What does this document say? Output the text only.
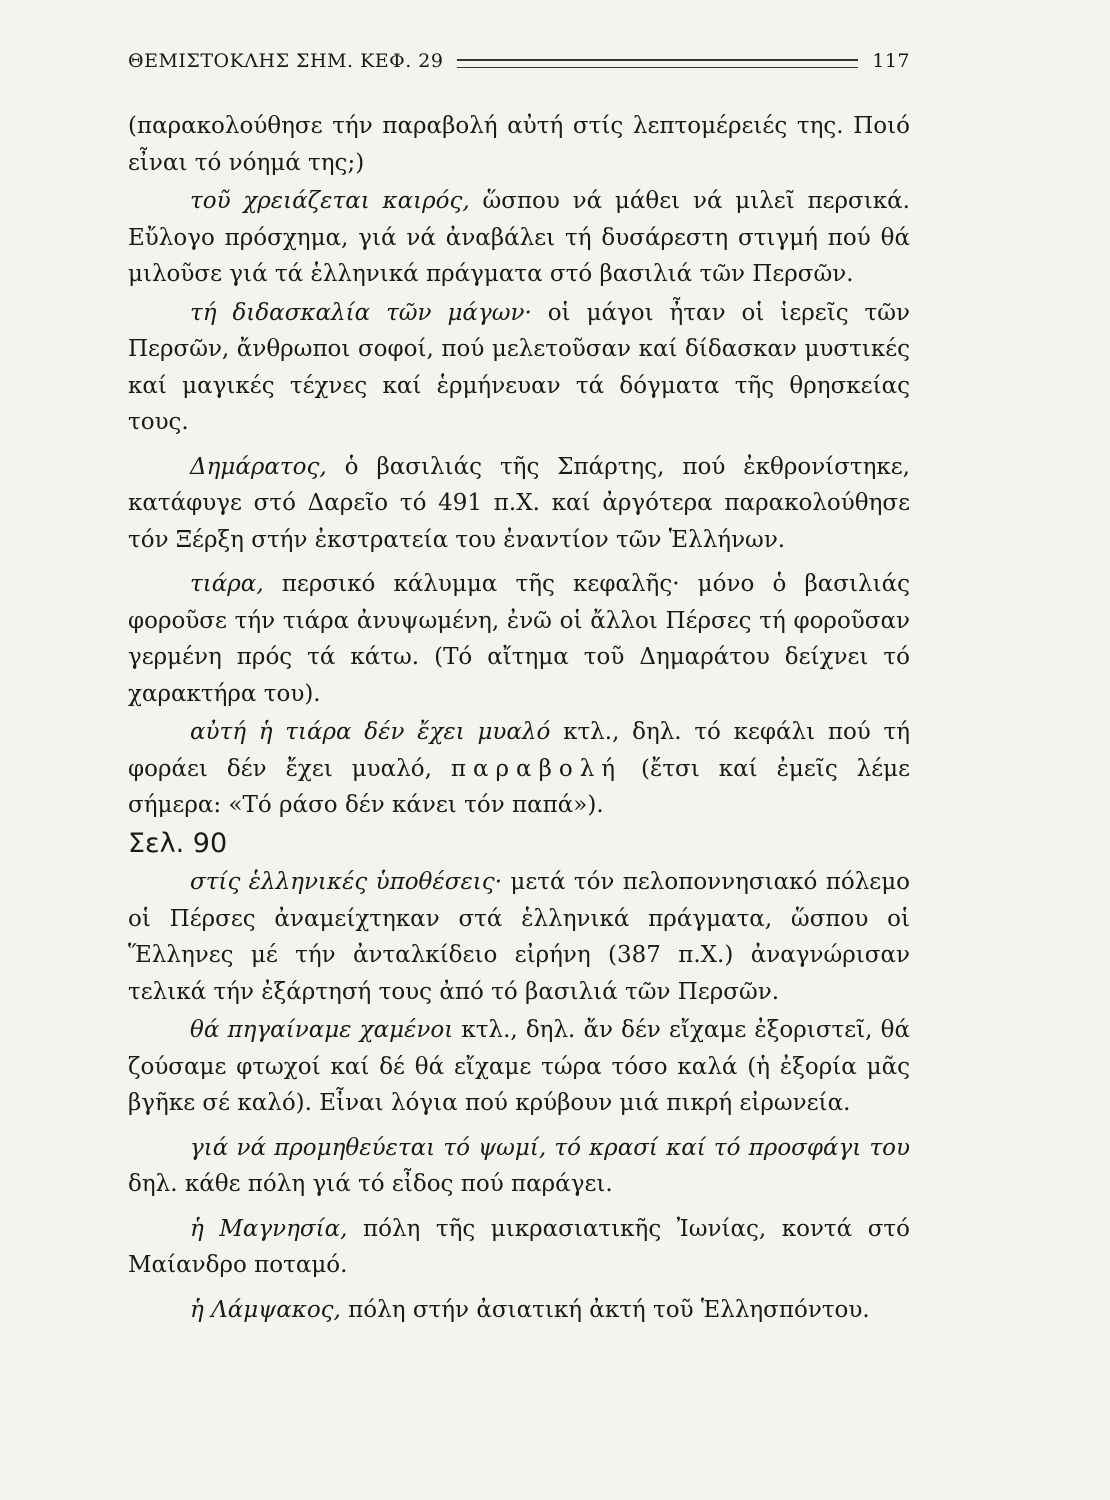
ΘΕΜΙΣΤΟΚΛΗΣ ΣΗΜ. ΚΕΦ. 29	117

(παρακολούθησε τήν παραβολή αὐτή στίς λεπτομέρειές της. Ποιό εἶναι τό νόημά της;)

τοῦ χρειάζεται καιρός, ὥσπου νά μάθει νά μιλεῖ περσικά. Εὔλογο πρόσχημα, γιά νά ἀναβάλει τή δυσάρεστη στιγμή πού θά μιλοῦσε γιά τά ἑλληνικά πράγματα στό βασιλιά τῶν Περσῶν.

τή διδασκαλία τῶν μάγων· οἱ μάγοι ἦταν οἱ ἱερεῖς τῶν Περσῶν, ἄνθρωποι σοφοί, πού μελετοῦσαν καί δίδασκαν μυστικές καί μαγικές τέχνες καί ἑρμήνευαν τά δόγματα τῆς θρησκείας τους.

Δημάρατος, ὁ βασιλιάς τῆς Σπάρτης, πού ἐκθρονίστηκε, κατάφυγε στό Δαρεῖο τό 491 π.Χ. καί ἀργότερα παρακολούθησε τόν Ξέρξη στήν ἐκστρατεία του ἐναντίον τῶν Ἑλλήνων.

τιάρα, περσικό κάλυμμα τῆς κεφαλῆς· μόνο ὁ βασιλιάς φοροῦσε τήν τιάρα ἀνυψωμένη, ἐνῶ οἱ ἄλλοι Πέρσες τή φοροῦσαν γερμένη πρός τά κάτω. (Τό αἴτημα τοῦ Δημαράτου δείχνει τό χαρακτήρα του).

αὐτή ἡ τιάρα δέν ἔχει μυαλό κτλ., δηλ. τό κεφάλι πού τή φοράει δέν ἔχει μυαλό, παραβολή (ἔτσι καί ἐμεῖς λέμε σήμερα: «Τό ράσο δέν κάνει τόν παπά»).

Σελ. 90

στίς ἑλληνικές ὑποθέσεις· μετά τόν πελοποννησιακό πόλεμο οἱ Πέρσες ἀναμείχτηκαν στά ἑλληνικά πράγματα, ὥσπου οἱ Ἕλληνες μέ τήν ἀνταλκίδειο εἰρήνη (387 π.Χ.) ἀναγνώρισαν τελικά τήν ἐξάρτησή τους ἀπό τό βασιλιά τῶν Περσῶν.

θά πηγαίναμε χαμένοι κτλ., δηλ. ἄν δέν εἴχαμε ἐξοριστεῖ, θά ζούσαμε φτωχοί καί δέ θά εἴχαμε τώρα τόσο καλά (ἡ ἐξορία μᾶς βγῆκε σέ καλό). Εἶναι λόγια πού κρύβουν μιά πικρή εἰρωνεία.

γιά νά προμηθεύεται τό ψωμί, τό κρασί καί τό προσφάγι του δηλ. κάθε πόλη γιά τό εἶδος πού παράγει.

ἡ Μαγνησία, πόλη τῆς μικρασιατικῆς Ἰωνίας, κοντά στό Μαίανδρο ποταμό.

ἡ Λάμψακος, πόλη στήν ἀσιατική ἀκτή τοῦ Ἑλλησπόντου.
